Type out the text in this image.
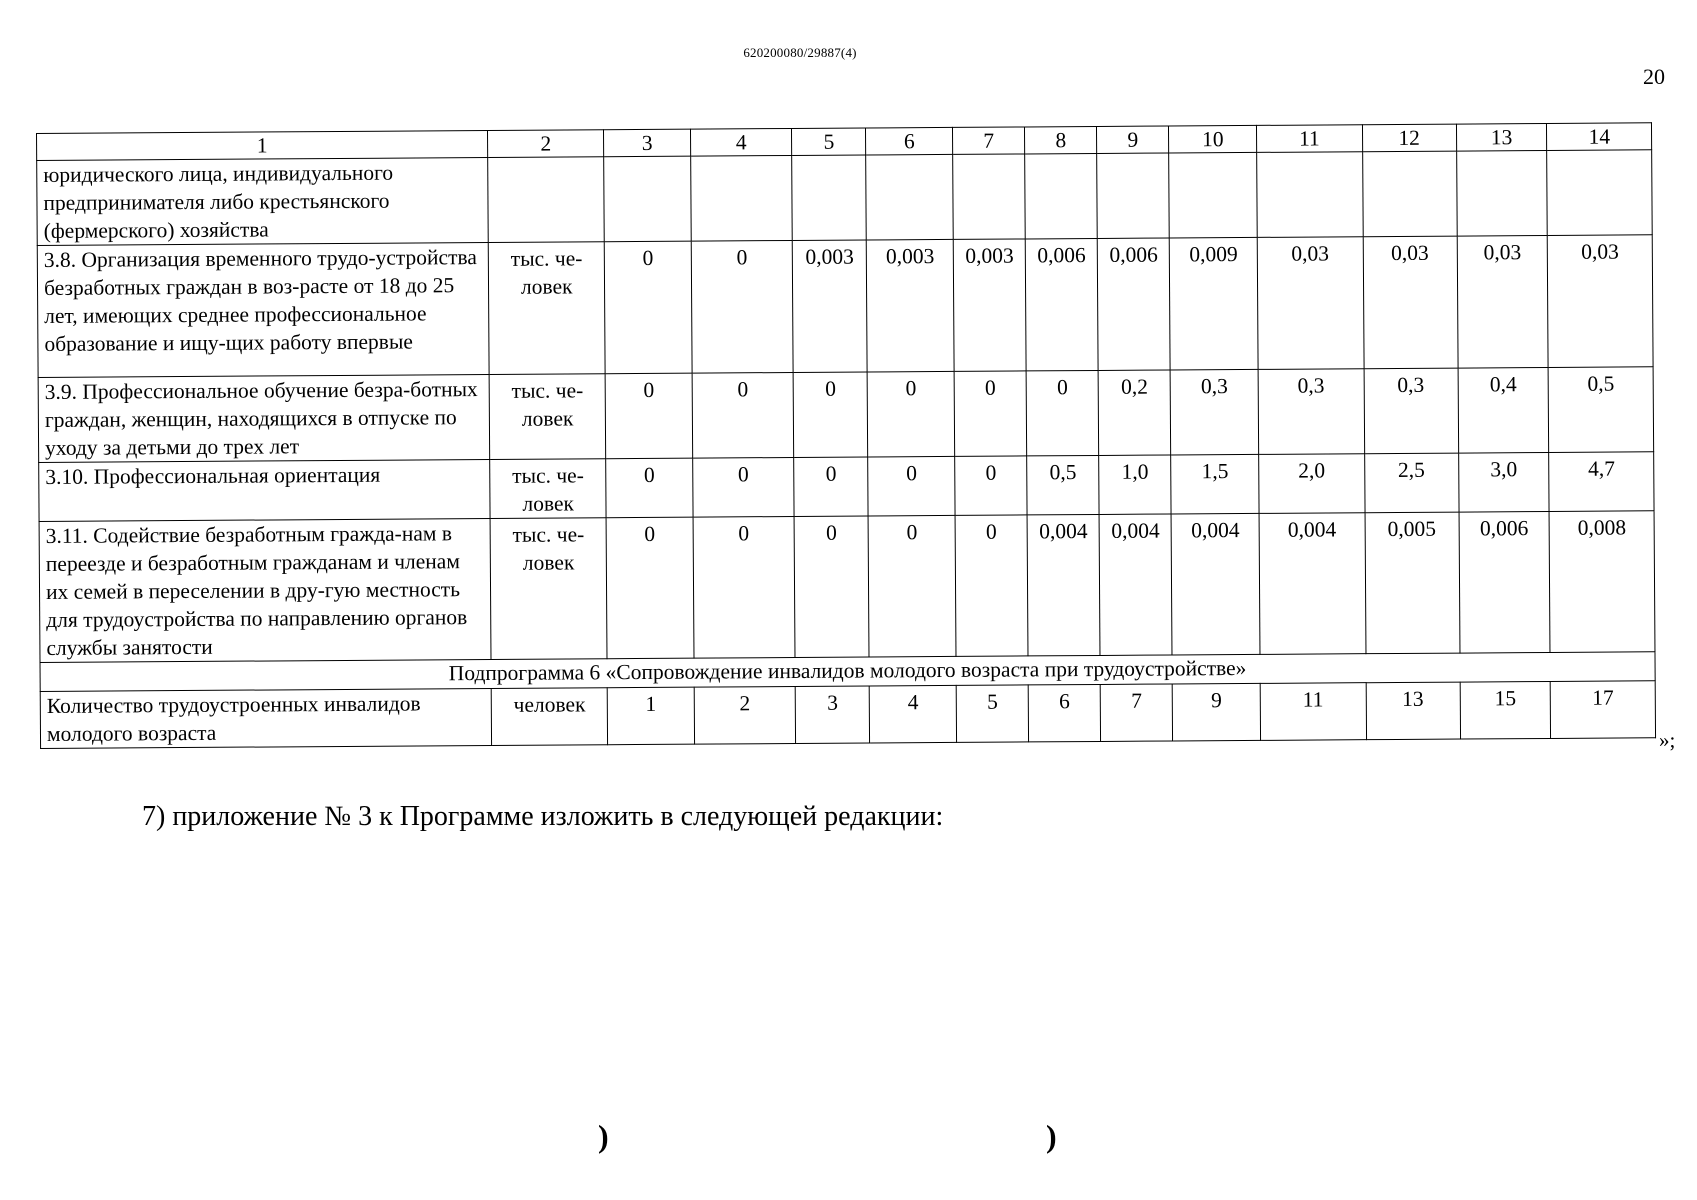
620200080/29887(4)
20
1	2	3	4	5	6	7	8	9	10	11	12	13	14
юридического лица, индивидуального предпринимателя либо крестьянского (фермерского) хозяйства													
3.8. Организация временного трудо-устройства безработных граждан в воз-расте от 18 до 25 лет, имеющих среднее профессиональное образование и ищу-щих работу впервые	тыс. че-ловек	0	0	0,003	0,003	0,003	0,006	0,006	0,009	0,03	0,03	0,03	0,03
3.9. Профессиональное обучение безра-ботных граждан, женщин, находящихся в отпуске по уходу за детьми до трех лет	тыс. че-ловек	0	0	0	0	0	0	0,2	0,3	0,3	0,3	0,4	0,5
3.10. Профессиональная ориентация	тыс. че-ловек	0	0	0	0	0	0,5	1,0	1,5	2,0	2,5	3,0	4,7
3.11. Содействие безработным гражда-нам в переезде и безработным гражданам и членам их семей в переселении в дру-гую местность для трудоустройства по направлению органов службы занятости	тыс. че-ловек	0	0	0	0	0	0,004	0,004	0,004	0,004	0,005	0,006	0,008
Подпрограмма 6 «Сопровождение инвалидов молодого возраста при трудоустройстве»													
Количество трудоустроенных инвалидов молодого возраста	человек	1	2	3	4	5	6	7	9	11	13	15	17
»;
7) приложение № 3 к Программе изложить в следующей редакции:
)	)
